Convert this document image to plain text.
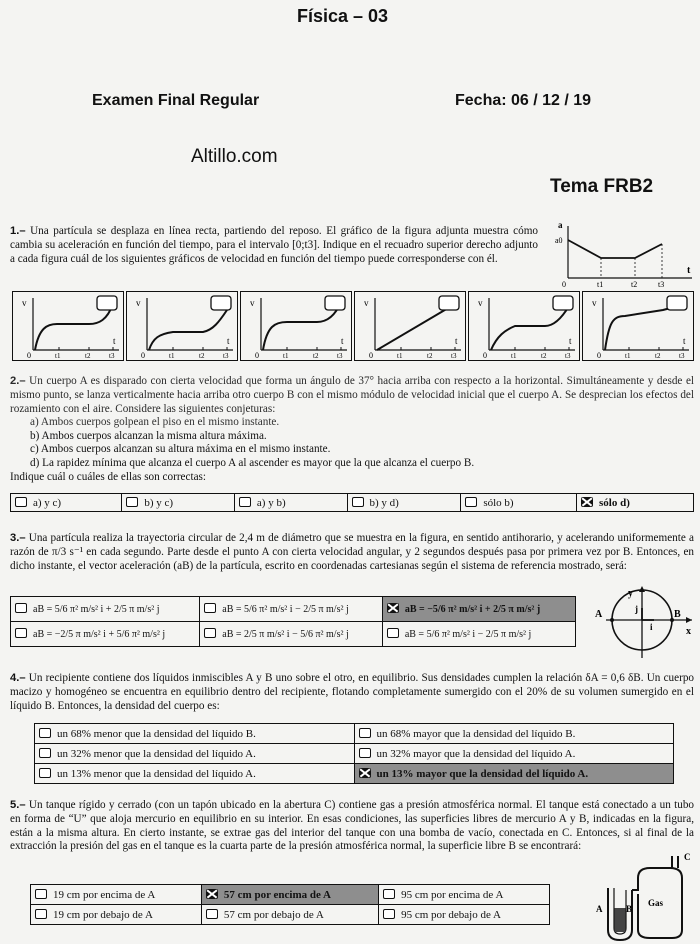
Física – 03
Examen Final Regular	Fecha: 06 / 12 / 19
Altillo.com
Tema FRB2
1.– Una partícula se desplaza en línea recta, partiendo del reposo. El gráfico de la figura adjunta muestra cómo cambia su aceleración en función del tiempo, para el intervalo [0;t3]. Indique en el recuadro superior derecho adjunto a cada figura cuál de los siguientes gráficos de velocidad en función del tiempo puede corresponderse con él.
a
a0
t
0	t1	t2	t3
v
t
0	t1	t2	t3
v
t
0	t1	t2	t3
v
t
0	t1	t2	t3
v
t
0	t1	t2	t3
v
t
0	t1	t2	t3
v
t
0	t1	t2	t3
2.– Un cuerpo A es disparado con cierta velocidad que forma un ángulo de 37° hacia arriba con respecto a la horizontal. Simultáneamente y desde el mismo punto, se lanza verticalmente hacia arriba otro cuerpo B con el mismo módulo de velocidad inicial que el cuerpo A. Se desprecian los efectos del rozamiento con el aire. Considere las siguientes conjeturas:
a) Ambos cuerpos golpean el piso en el mismo instante.
b) Ambos cuerpos alcanzan la misma altura máxima.
c) Ambos cuerpos alcanzan su altura máxima en el mismo instante.
d) La rapidez mínima que alcanza el cuerpo A al ascender es mayor que la que alcanza el cuerpo B.
Indique cuál o cuáles de ellas son correctas:
a) y c)	b) y c)	a) y b)	b) y d)	sólo b)	sólo d)
3.– Una partícula realiza la trayectoria circular de 2,4 m de diámetro que se muestra en la figura, en sentido antihorario, y acelerando uniformemente a razón de π/3 s⁻¹ en cada segundo. Parte desde el punto A con cierta velocidad angular, y 2 segundos después pasa por primera vez por B. Entonces, en dicho instante, el vector aceleración (aB) de la partícula, escrito en coordenadas cartesianas según el sistema de referencia mostrado, será:
aB = 5/6 π² m/s² i + 2/5 π m/s² j	aB = 5/6 π² m/s² i − 2/5 π m/s² j	aB = −5/6 π² m/s² i + 2/5 π m/s² j
aB = −2/5 π m/s² i + 5/6 π² m/s² j	aB = 2/5 π m/s² i − 5/6 π² m/s² j	aB = 5/6 π² m/s² i − 2/5 π m/s² j
y
x
A	B
j
i
4.– Un recipiente contiene dos líquidos inmiscibles A y B uno sobre el otro, en equilibrio. Sus densidades cumplen la relación δA = 0,6 δB. Un cuerpo macizo y homogéneo se encuentra en equilibrio dentro del recipiente, flotando completamente sumergido con el 20% de su volumen sumergido en el líquido B. Entonces, la densidad del cuerpo es:
un 68% menor que la densidad del líquido B.	un 68% mayor que la densidad del líquido B.
un 32% menor que la densidad del líquido A.	un 32% mayor que la densidad del líquido A.
un 13% menor que la densidad del líquido A.	un 13% mayor que la densidad del líquido A.
5.– Un tanque rígido y cerrado (con un tapón ubicado en la abertura C) contiene gas a presión atmosférica normal. El tanque está conectado a un tubo en forma de “U” que aloja mercurio en equilibrio en su interior. En esas condiciones, las superficies libres de mercurio A y B, indicadas en la figura, están a la misma altura. En cierto instante, se extrae gas del interior del tanque con una bomba de vacío, conectada en C. Entonces, si al final de la extracción la presión del gas en el tanque es la cuarta parte de la presión atmosférica normal, la superficie libre B se encontrará:
19 cm por encima de A	57 cm por encima de A	95 cm por encima de A
19 cm por debajo de A	57 cm por debajo de A	95 cm por debajo de A
Gas
A	B
C
